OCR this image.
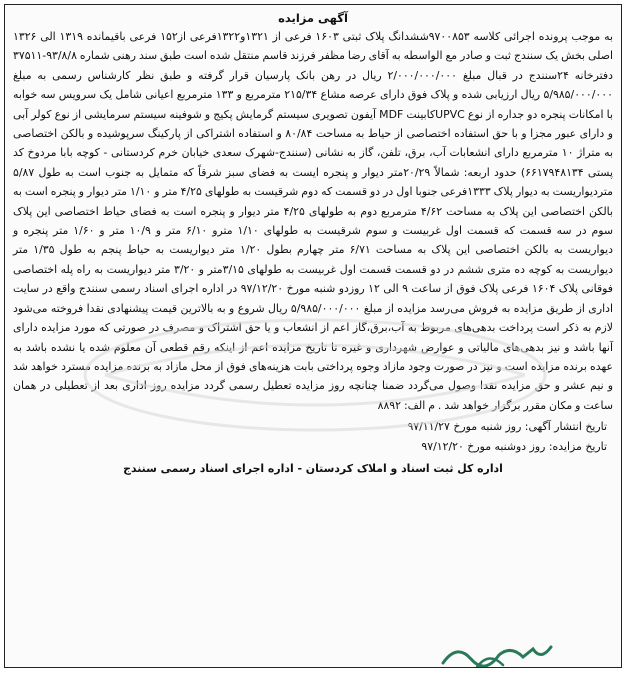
آگهی مزایده
به موجب پرونده اجرائی کلاسه ۹۷۰۰۸۵۳ششدانگ پلاک ثبتی ۱۶۰۳ فرعی از ۱۳۲۱و۱۳۲۲فرعی از۱۵۲ فرعی باقیمانده ۱۳۱۹ الی ۱۳۲۶ اصلی بخش یک سنندج ثبت و صادر مع الواسطه به آقای رضا مظفر فرزند قاسم منتقل شده است طبق سند رهنی شماره ۹۳/۸/۸-۳۷۵۱۱ دفترخانه ۲۴سنندج در قبال مبلغ ۲/۰۰۰/۰۰۰/۰۰۰ ریال در رهن بانک پارسیان قرار گرفته و طبق نظر کارشناس رسمی به مبلغ ۵/۹۸۵/۰۰۰/۰۰۰ ریال ارزیابی شده و پلاک فوق دارای عرصه مشاع ۲۱۵/۳۴ مترمربع و ۱۳۳ مترمربع اعیانی شامل یک سرویس سه خوابه با امکانات پنجره دو جداره از نوع UPVCکابینت MDF آیفون تصویری سیستم گرمایش پکیج و شوفینه سیستم سرمایشی از نوع کولر آبی و دارای عبور مجزا و با حق استفاده اختصاصی از حیاط به مساحت ۸۰/۸۴ و استفاده اشتراکی از پارکینگ سرپوشیده و بالکن اختصاصی به متراژ ۱۰ مترمربع دارای انشعابات آب، برق، تلفن، گاز به نشانی (سنندج-شهرک سعدی خیابان خرم کردستانی - کوچه بابا مردوخ کد پستی ۶۶۱۷۹۴۸۱۳۴) حدود اربعه: شمالاً ۲۰/۲۹متر دیوار و پنجره ایست به فضای سبز شرقاً که متمایل به جنوب است به طول ۵/۸۷ متردیواریست به دیوار پلاک ۱۳۳۳فرعی جنوبا اول در دو قسمت که دوم شرقیست به طولهای ۴/۲۵ متر و ۱/۱۰ متر دیوار و پنجره است به بالکن اختصاصی این پلاک به مساحت ۴/۶۲ مترمربع دوم به طولهای ۴/۲۵ متر دیوار و پنجره است به فضای حیاط اختصاصی این پلاک سوم در سه قسمت که قسمت اول غربیست و سوم شرقیست به طولهای ۱/۱۰ مترو ۶/۱۰ متر و ۱۰/۹ متر و ۱/۶۰ متر پنجره و دیواریست به بالکن اختصاصی این پلاک به مساحت ۶/۷۱ متر چهارم بطول ۱/۲۰ متر دیواریست به حیاط پنجم به طول ۱/۳۵ متر دیواریست به کوچه ده متری ششم در دو قسمت قسمت اول غربیست به طولهای ۳/۱۵متر و ۳/۲۰ متر دیواریست به راه پله اختصاصی فوقانی پلاک ۱۶۰۴ فرعی پلاک فوق از ساعت ۹ الی ۱۲ روزدو شنبه مورخ ۹۷/۱۲/۲۰ در اداره اجرای اسناد رسمی سنندج واقع در سایت اداری از طریق مزایده به فروش می‌رسد مزایده از مبلغ ۵/۹۸۵/۰۰۰/۰۰۰ ریال شروع و به بالاترین قیمت پیشنهادی نقدا فروخته می‌شود لازم به ذکر است پرداخت بدهی‌های مربوط به آب،برق،گاز اعم از انشعاب و یا حق اشتراک و مصرف در صورتی که مورد مزایده دارای آنها باشد و نیز بدهی‌های مالیاتی و عوارض شهرداری و غیره تا تاریخ مزایده اعم از اینکه رقم قطعی آن معلوم شده یا نشده باشد به عهده برنده مزایده است و نیز در صورت وجود مازاد وجوه پرداختی بابت هزینه‌های فوق از محل مازاد به برنده مزایده مسترد خواهد شد و نیم عشر و حق مزایده نقدا وصول می‌گردد ضمنا چنانچه روز مزایده تعطیل رسمی گردد مزایده روز اداری بعد از تعطیلی در همان ساعت و مکان مقرر برگزار خواهد شد . م الف: ۸۸۹۲
تاریخ انتشار آگهی: روز شنبه مورخ ۹۷/۱۱/۲۷
تاریخ مزایده: روز دوشنبه مورخ ۹۷/۱۲/۲۰
اداره کل ثبت اسناد و املاک کردستان - اداره اجرای اسناد رسمی سنندج
